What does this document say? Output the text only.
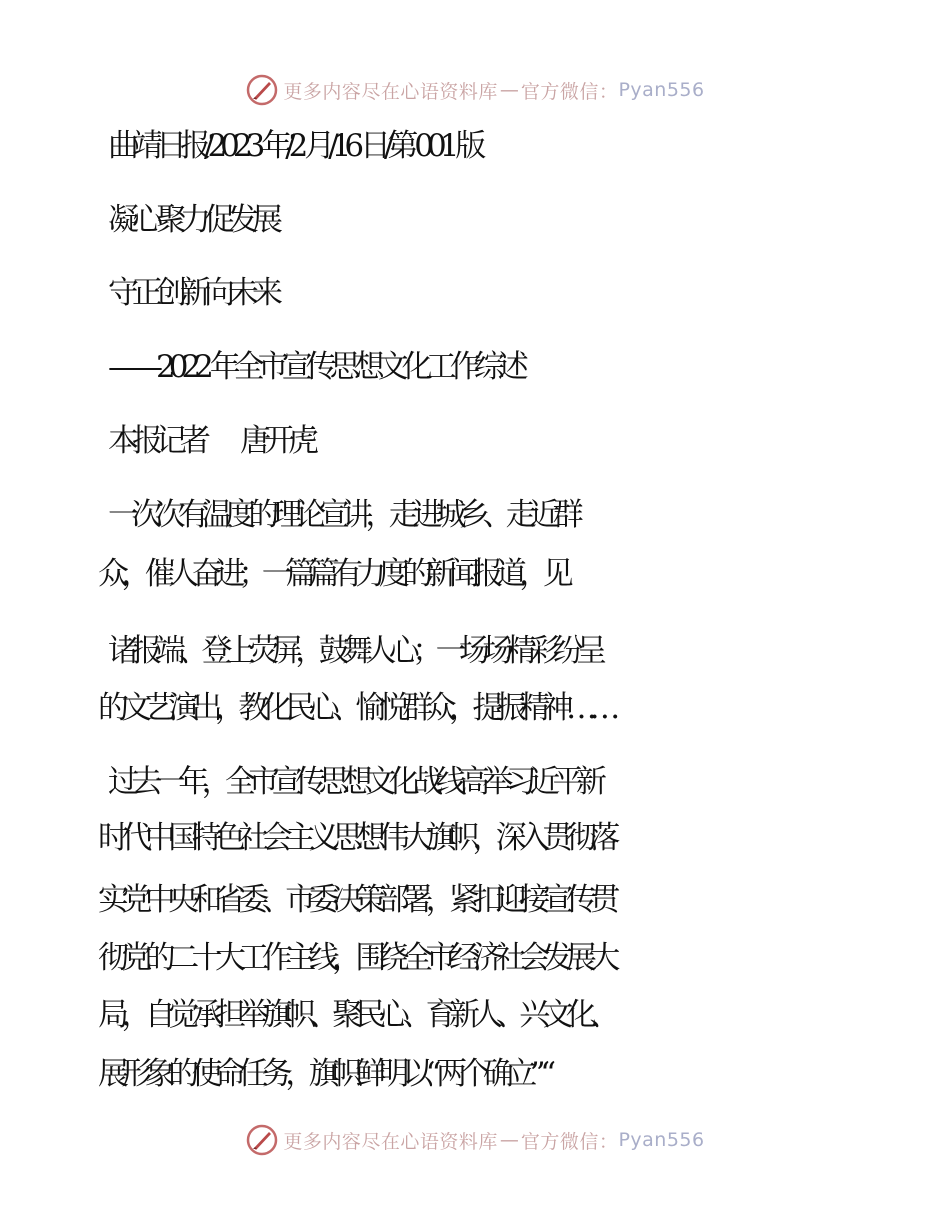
更多内容尽在心语资料库 — 官方微信： Pyan556
曲靖日报/2023 年/2 月/16 日/第 001 版
凝心聚力促发展
守正创新向未来
——2022 年全市宣传思想文化工作综述
本报记者 唐开虎
一次次有温度的理论宣讲，走进城乡、走近群
众，催人奋进；一篇篇有力度的新闻报道，见
诸报端、登上荧屏，鼓舞人心；一场场精彩纷呈
的文艺演出，教化民心、愉悦群众，提振精神……
过去一年，全市宣传思想文化战线高举习近平新
时代中国特色社会主义思想伟大旗帜，深入贯彻落
实党中央和省委、市委决策部署，紧扣迎接宣传贯
彻党的二十大工作主线，围绕全市经济社会发展大
局，自觉承担举旗帜、聚民心、育新人、兴文化、
展形象的使命任务，旗帜鲜明以“ 两个确立” “
更多内容尽在心语资料库 — 官方微信： Pyan556
